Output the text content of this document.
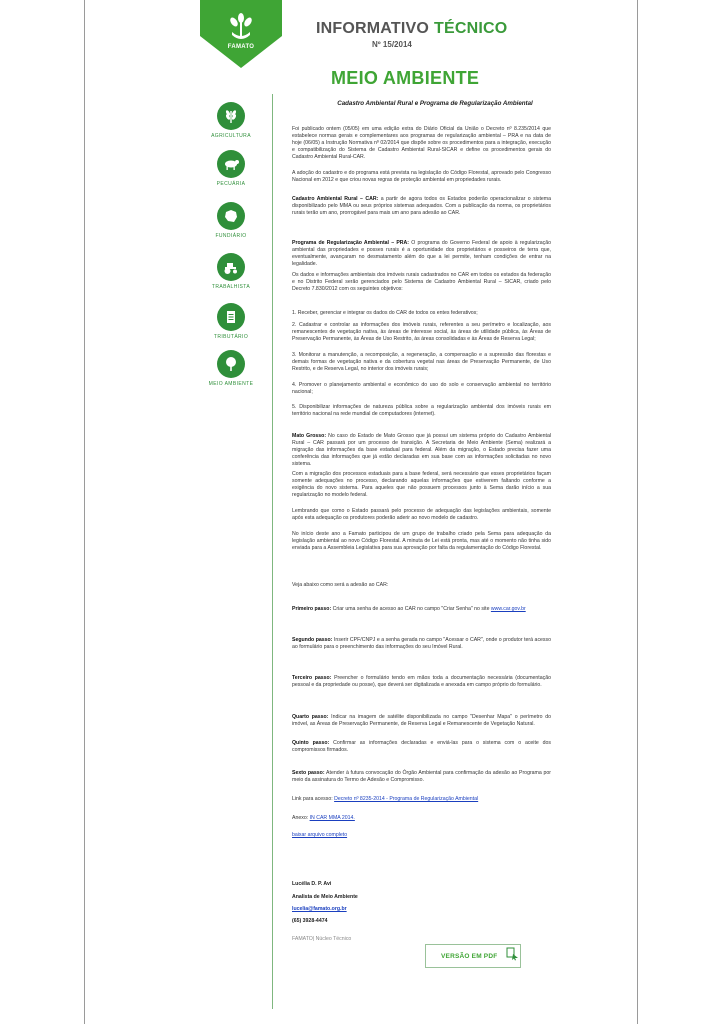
FAMATO
INFORMATIVO TÉCNICO
Nº 15/2014
MEIO AMBIENTE
Cadastro Ambiental Rural e Programa de Regularização Ambiental
AGRICULTURA
PECUÁRIA
FUNDIÁRIO
TRABALHISTA
TRIBUTÁRIO
MEIO AMBIENTE

Foi publicado ontem (05/05) em uma edição extra do Diário Oficial da União o Decreto nº 8.235/2014 que estabelece normas gerais e complementares aos programas de regularização ambiental – PRA e na data de hoje (06/05) a Instrução Normativa nº 02/2014 que dispõe sobre os procedimentos para a integração, execução e compatibilização do Sistema de Cadastro Ambiental Rural-SICAR e define os procedimentos gerais do Cadastro Ambiental Rural-CAR.

A adoção do cadastro e do programa está prevista na legislação do Código Florestal, aprovado pelo Congresso Nacional em 2012 e que criou novas regras de proteção ambiental em propriedades rurais.

Cadastro Ambiental Rural – CAR: a partir de agora todos os Estados poderão operacionalizar o sistema disponibilizado pelo MMA ou seus próprios sistemas adequados. Com a publicação da norma, os proprietários rurais terão um ano, prorrogável para mais um ano para adesão ao CAR.

Programa de Regularização Ambiental – PRA: O programa do Governo Federal de apoio à regularização ambiental das propriedades e posses rurais é a oportunidade dos proprietários e posseiros de terra que, eventualmente, avançaram no desmatamento além do que a lei permite, tenham condições de entrar na legalidade.

Os dados e informações ambientais dos imóveis rurais cadastrados no CAR em todos os estados da federação e no Distrito Federal serão gerenciados pelo Sistema de Cadastro Ambiental Rural – SICAR, criado pelo Decreto 7.830/2012 com os seguintes objetivos:

1. Receber, gerenciar e integrar os dados do CAR de todos os entes federativos;

2. Cadastrar e controlar as informações dos imóveis rurais, referentes a seu perímetro e localização, aos remanescentes de vegetação nativa, às áreas de interesse social, às áreas de utilidade pública, às Áreas de Preservação Permanente, às Áreas de Uso Restrito, às áreas consolidadas e às Áreas de Reserva Legal;

3. Monitorar a manutenção, a recomposição, a regeneração, a compensação e a supressão das florestas e demais formas de vegetação nativa e da cobertura vegetal nas áreas de Preservação Permanente, de Uso Restrito, e de Reserva Legal, no interior dos imóveis rurais;

4. Promover o planejamento ambiental e econômico do uso do solo e conservação ambiental no território nacional;

5. Disponibilizar informações de natureza pública sobre a regularização ambiental dos imóveis rurais em território nacional na rede mundial de computadores (internet).

Mato Grosso: No caso do Estado de Mato Grosso que já possui um sistema próprio do Cadastro Ambiental Rural – CAR passará por um processo de transição. A Secretaria de Meio Ambiente (Sema) realizará a migração das informações da base estadual para federal. Além da migração, o Estado precisa fazer uma conferência das informações que já estão declaradas em sua base com as informações solicitadas no novo sistema.

Com a migração dos processos estaduais para a base federal, será necessário que esses proprietários façam somente adequações no processo, declarando aquelas informações que estiverem faltando conforme a exigência do novo sistema. Para aqueles que não possuem processos junto à Sema darão início a sua regularização no modelo federal.

Lembrando que como o Estado passará pelo processo de adequação das legislações ambientais, somente após esta adequação os produtores poderão aderir ao novo modelo de cadastro.

No início deste ano a Famato participou de um grupo de trabalho criado pela Sema para adequação da legislação ambiental ao novo Código Florestal. A minuta de Lei está pronta, mas até o momento não tinha sido enviada para a Assembleia Legislativa para sua aprovação por falta da regulamentação do Código Florestal.

Veja abaixo como será a adesão ao CAR:

Primeiro passo: Criar uma senha de acesso ao CAR no campo "Criar Senha" no site www.car.gov.br

Segundo passo: Inserir CPF/CNPJ e a senha gerada no campo "Acessar o CAR", onde o produtor terá acesso ao formulário para o preenchimento das informações do seu Imóvel Rural.

Terceiro passo: Preencher o formulário tendo em mãos toda a documentação necessária (documentação pessoal e da propriedade ou posse), que deverá ser digitalizada e anexada em campo próprio do formulário.

Quarto passo: Indicar na imagem de satélite disponibilizada no campo "Desenhar Mapa" o perímetro do imóvel, as Áreas de Preservação Permanente, de Reserva Legal e Remanescente de Vegetação Natural.

Quinto passo: Confirmar as informações declaradas e enviá-las para o sistema com o aceite dos compromissos firmados.

Sexto passo: Atender à futura convocação do Órgão Ambiental para confirmação da adesão ao Programa por meio da assinatura do Termo de Adesão e Compromisso.

Link para acesso: Decreto nº 8235-2014 - Programa de Regularização Ambiental

Anexo: IN CAR MMA 2014.

baixar arquivo completo

Lucélia D. P. Avi
Analista de Meio Ambiente
lucelia@famato.org.br
(65) 3928-4474
FAMATO| Núcleo Técnico
VERSÃO EM PDF
